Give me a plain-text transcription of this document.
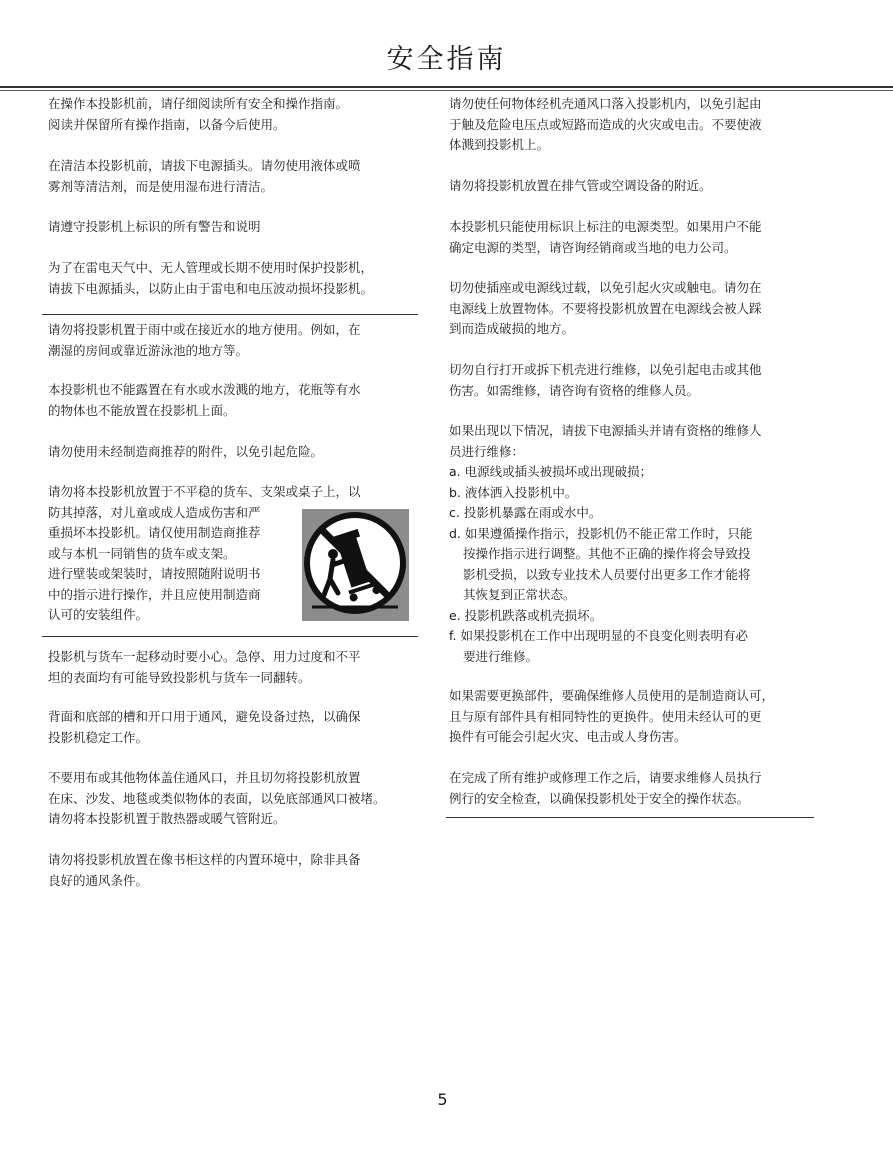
安全指南
在操作本投影机前，请仔细阅读所有安全和操作指南。
阅读并保留所有操作指南，以备今后使用。
在清洁本投影机前，请拔下电源插头。请勿使用液体或喷
雾剂等清洁剂，而是使用湿布进行清洁。
请遵守投影机上标识的所有警告和说明
为了在雷电天气中、无人管理或长期不使用时保护投影机，
请拔下电源插头，以防止由于雷电和电压波动损坏投影机。
请勿将投影机置于雨中或在接近水的地方使用。例如，在
潮湿的房间或靠近游泳池的地方等。
本投影机也不能露置在有水或水泼溅的地方，花瓶等有水
的物体也不能放置在投影机上面。
请勿使用未经制造商推荐的附件，以免引起危险。
请勿将本投影机放置于不平稳的货车、支架或桌子上，以
防其掉落，对儿童或成人造成伤害和严
重损坏本投影机。请仅使用制造商推荐
或与本机一同销售的货车或支架。
进行壁装或架装时，请按照随附说明书
中的指示进行操作，并且应使用制造商
认可的安装组件。
投影机与货车一起移动时要小心。急停、用力过度和不平
坦的表面均有可能导致投影机与货车一同翻转。
背面和底部的槽和开口用于通风，避免设备过热，以确保
投影机稳定工作。
不要用布或其他物体盖住通风口，并且切勿将投影机放置
在床、沙发、地毯或类似物体的表面，以免底部通风口被堵。
请勿将本投影机置于散热器或暖气管附近。
请勿将投影机放置在像书柜这样的内置环境中，除非具备
良好的通风条件。
请勿使任何物体经机壳通风口落入投影机内，以免引起由
于触及危险电压点或短路而造成的火灾或电击。不要使液
体溅到投影机上。
请勿将投影机放置在排气管或空调设备的附近。
本投影机只能使用标识上标注的电源类型。如果用户不能
确定电源的类型，请咨询经销商或当地的电力公司。
切勿使插座或电源线过载，以免引起火灾或触电。请勿在
电源线上放置物体。不要将投影机放置在电源线会被人踩
到而造成破损的地方。
切勿自行打开或拆下机壳进行维修，以免引起电击或其他
伤害。如需维修，请咨询有资格的维修人员。
如果出现以下情况，请拔下电源插头并请有资格的维修人
员进行维修：
a. 电源线或插头被损坏或出现破损；
b. 液体洒入投影机中。
c. 投影机暴露在雨或水中。
d. 如果遵循操作指示，投影机仍不能正常工作时，只能
按操作指示进行调整。其他不正确的操作将会导致投
影机受损，以致专业技术人员要付出更多工作才能将
其恢复到正常状态。
e. 投影机跌落或机壳损坏。
f. 如果投影机在工作中出现明显的不良变化则表明有必
要进行维修。
如果需要更换部件，要确保维修人员使用的是制造商认可，
且与原有部件具有相同特性的更换件。使用未经认可的更
换件有可能会引起火灾、电击或人身伤害。
在完成了所有维护或修理工作之后，请要求维修人员执行
例行的安全检查，以确保投影机处于安全的操作状态。
5
